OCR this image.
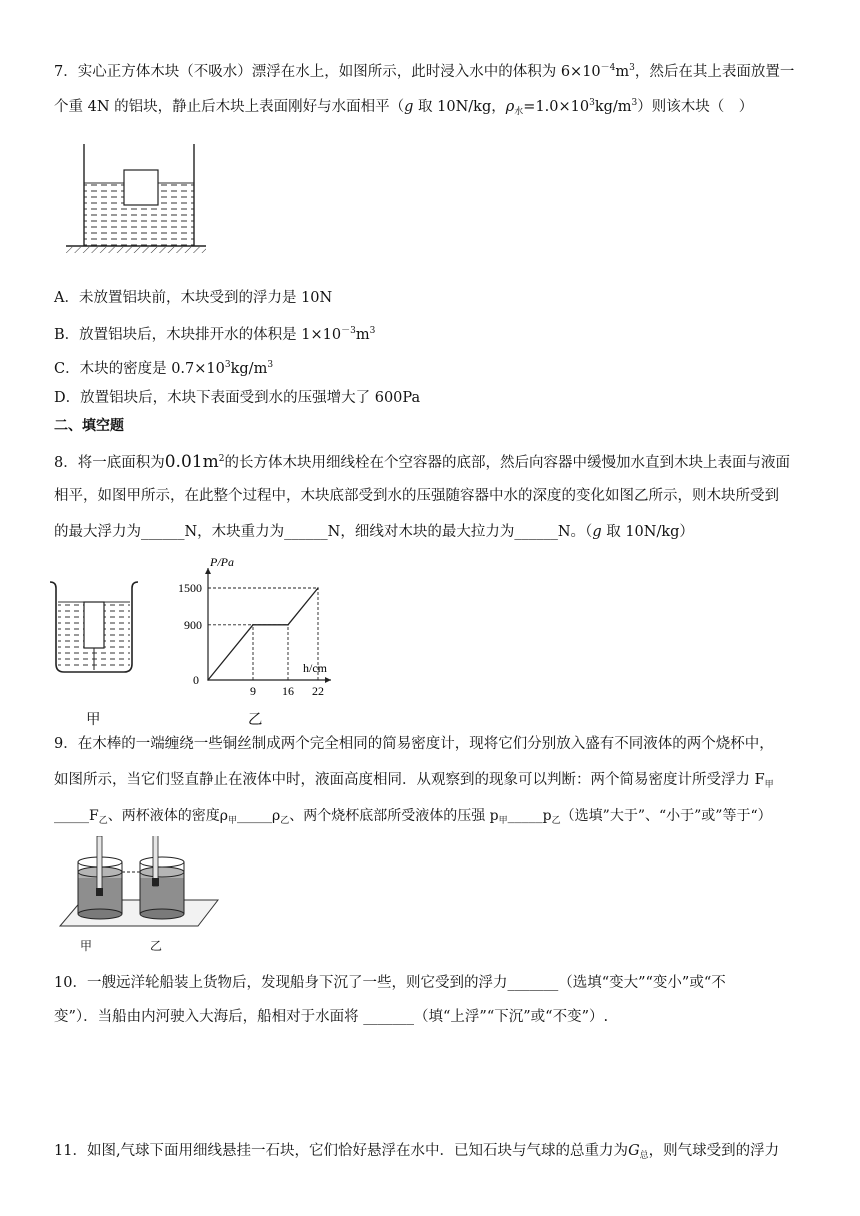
7．实心正方体木块（不吸水）漂浮在水上，如图所示，此时浸入水中的体积为 $6\times 10^{-4}m^3$，然后在其上表面放置一
个重 4N 的铝块，静止后木块上表面刚好与水面相平（g 取 10N/kg，$\rho_水=1.0\times 10^3kg/m^3$）则该木块（　）
A．未放置铝块前，木块受到的浮力是 10N
B．放置铝块后，木块排开水的体积是 $1\times 10^{-3}m^3$
C．木块的密度是 $0.7\times 10^3kg/m^3$
D．放置铝块后，木块下表面受到水的压强增大了 600Pa
二、填空题
8．将一底面积为$0.01m^2$的长方体木块用细线栓在个空容器的底部，然后向容器中缓慢加水直到木块上表面与液面
相平，如图甲所示，在此整个过程中，木块底部受到水的压强随容器中水的深度的变化如图乙所示，则木块所受到
的最大浮力为______N，木块重力为______N，细线对木块的最大拉力为______N。（g 取 10N/kg）
甲
P/Pa
h/cm
0
900
1500
9 16 22
乙
9．在木棒的一端缠绕一些铜丝制成两个完全相同的简易密度计，现将它们分别放入盛有不同液体的两个烧杯中，
如图所示，当它们竖直静止在液体中时，液面高度相同．从观察到的现象可以判断：两个简易密度计所受浮力 $F_甲$
$\_\_\_\_\_F_乙$、两杯液体的密度$\rho_甲\_\_\_\_\_\rho_乙$、两个烧杯底部所受液体的压强 $p_甲\_\_\_\_\_p_乙$（选填”大于”、“小于”或”等于“）
甲	乙
10．一艘远洋轮船装上货物后，发现船身下沉了一些，则它受到的浮力_______（选填“变大”“变小”或“不
变”）．当船由内河驶入大海后，船相对于水面将 _______（填“上浮”“下沉”或“不变”）.
11．如图,气球下面用细线悬挂一石块，它们恰好悬浮在水中．已知石块与气球的总重力为$G_总$，则气球受到的浮力
